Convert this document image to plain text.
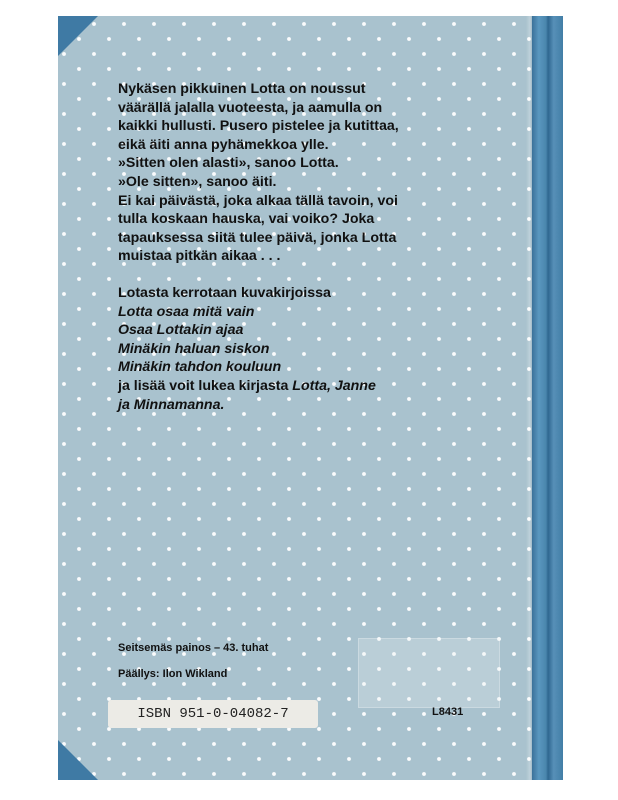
Nykäsen pikkuinen Lotta on noussut

väärällä jalalla vuoteesta, ja aamulla on

kaikki hullusti. Pusero pistelee ja kutittaa,

eikä äiti anna pyhämekkoa ylle.

»Sitten olen alasti», sanoo Lotta.

»Ole sitten», sanoo äiti.

Ei kai päivästä, joka alkaa tällä tavoin, voi

tulla koskaan hauska, vai voiko? Joka

tapauksessa siitä tulee päivä, jonka Lotta

muistaa pitkän aikaa . . .

Lotasta kerrotaan kuvakirjoissa

Lotta osaa mitä vain

Osaa Lottakin ajaa

Minäkin haluan siskon

Minäkin tahdon kouluun

ja lisää voit lukea kirjasta Lotta, Janne

ja Minnamanna.

Seitsemäs painos – 43. tuhat
Päällys: Ilon Wikland
ISBN 951-0-04082-7	L8431
